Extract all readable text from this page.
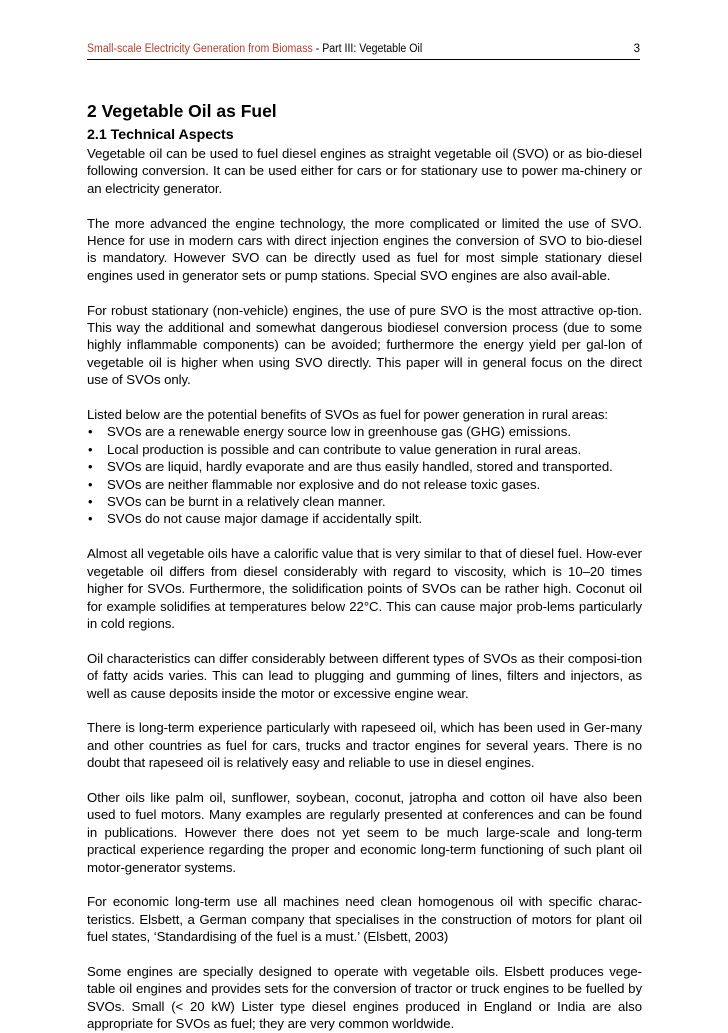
Small-scale Electricity Generation from Biomass - Part III: Vegetable Oil	3
2 Vegetable Oil as Fuel
2.1 Technical Aspects

Vegetable oil can be used to fuel diesel engines as straight vegetable oil (SVO) or as bio-diesel following conversion. It can be used either for cars or for stationary use to power ma-chinery or an electricity generator.

The more advanced the engine technology, the more complicated or limited the use of SVO. Hence for use in modern cars with direct injection engines the conversion of SVO to bio-diesel is mandatory. However SVO can be directly used as fuel for most simple stationary diesel engines used in generator sets or pump stations. Special SVO engines are also avail-able.

For robust stationary (non-vehicle) engines, the use of pure SVO is the most attractive op-tion. This way the additional and somewhat dangerous biodiesel conversion process (due to some highly inflammable components) can be avoided; furthermore the energy yield per gal-lon of vegetable oil is higher when using SVO directly. This paper will in general focus on the direct use of SVOs only.

Listed below are the potential benefits of SVOs as fuel for power generation in rural areas:

• SVOs are a renewable energy source low in greenhouse gas (GHG) emissions.
• Local production is possible and can contribute to value generation in rural areas.
• SVOs are liquid, hardly evaporate and are thus easily handled, stored and transported.
• SVOs are neither flammable nor explosive and do not release toxic gases.
• SVOs can be burnt in a relatively clean manner.
• SVOs do not cause major damage if accidentally spilt.

Almost all vegetable oils have a calorific value that is very similar to that of diesel fuel. How-ever vegetable oil differs from diesel considerably with regard to viscosity, which is 10–20 times higher for SVOs. Furthermore, the solidification points of SVOs can be rather high. Coconut oil for example solidifies at temperatures below 22°C. This can cause major prob-lems particularly in cold regions.

Oil characteristics can differ considerably between different types of SVOs as their composi-tion of fatty acids varies. This can lead to plugging and gumming of lines, filters and injectors, as well as cause deposits inside the motor or excessive engine wear.

There is long-term experience particularly with rapeseed oil, which has been used in Ger-many and other countries as fuel for cars, trucks and tractor engines for several years. There is no doubt that rapeseed oil is relatively easy and reliable to use in diesel engines.

Other oils like palm oil, sunflower, soybean, coconut, jatropha and cotton oil have also been used to fuel motors. Many examples are regularly presented at conferences and can be found in publications. However there does not yet seem to be much large-scale and long-term practical experience regarding the proper and economic long-term functioning of such plant oil motor-generator systems.

For economic long-term use all machines need clean homogenous oil with specific charac-teristics. Elsbett, a German company that specialises in the construction of motors for plant oil fuel states, ‘Standardising of the fuel is a must.’ (Elsbett, 2003)

Some engines are specially designed to operate with vegetable oils. Elsbett produces vege-table oil engines and provides sets for the conversion of tractor or truck engines to be fuelled by SVOs. Small (< 20 kW) Lister type diesel engines produced in England or India are also appropriate for SVOs as fuel; they are very common worldwide.
